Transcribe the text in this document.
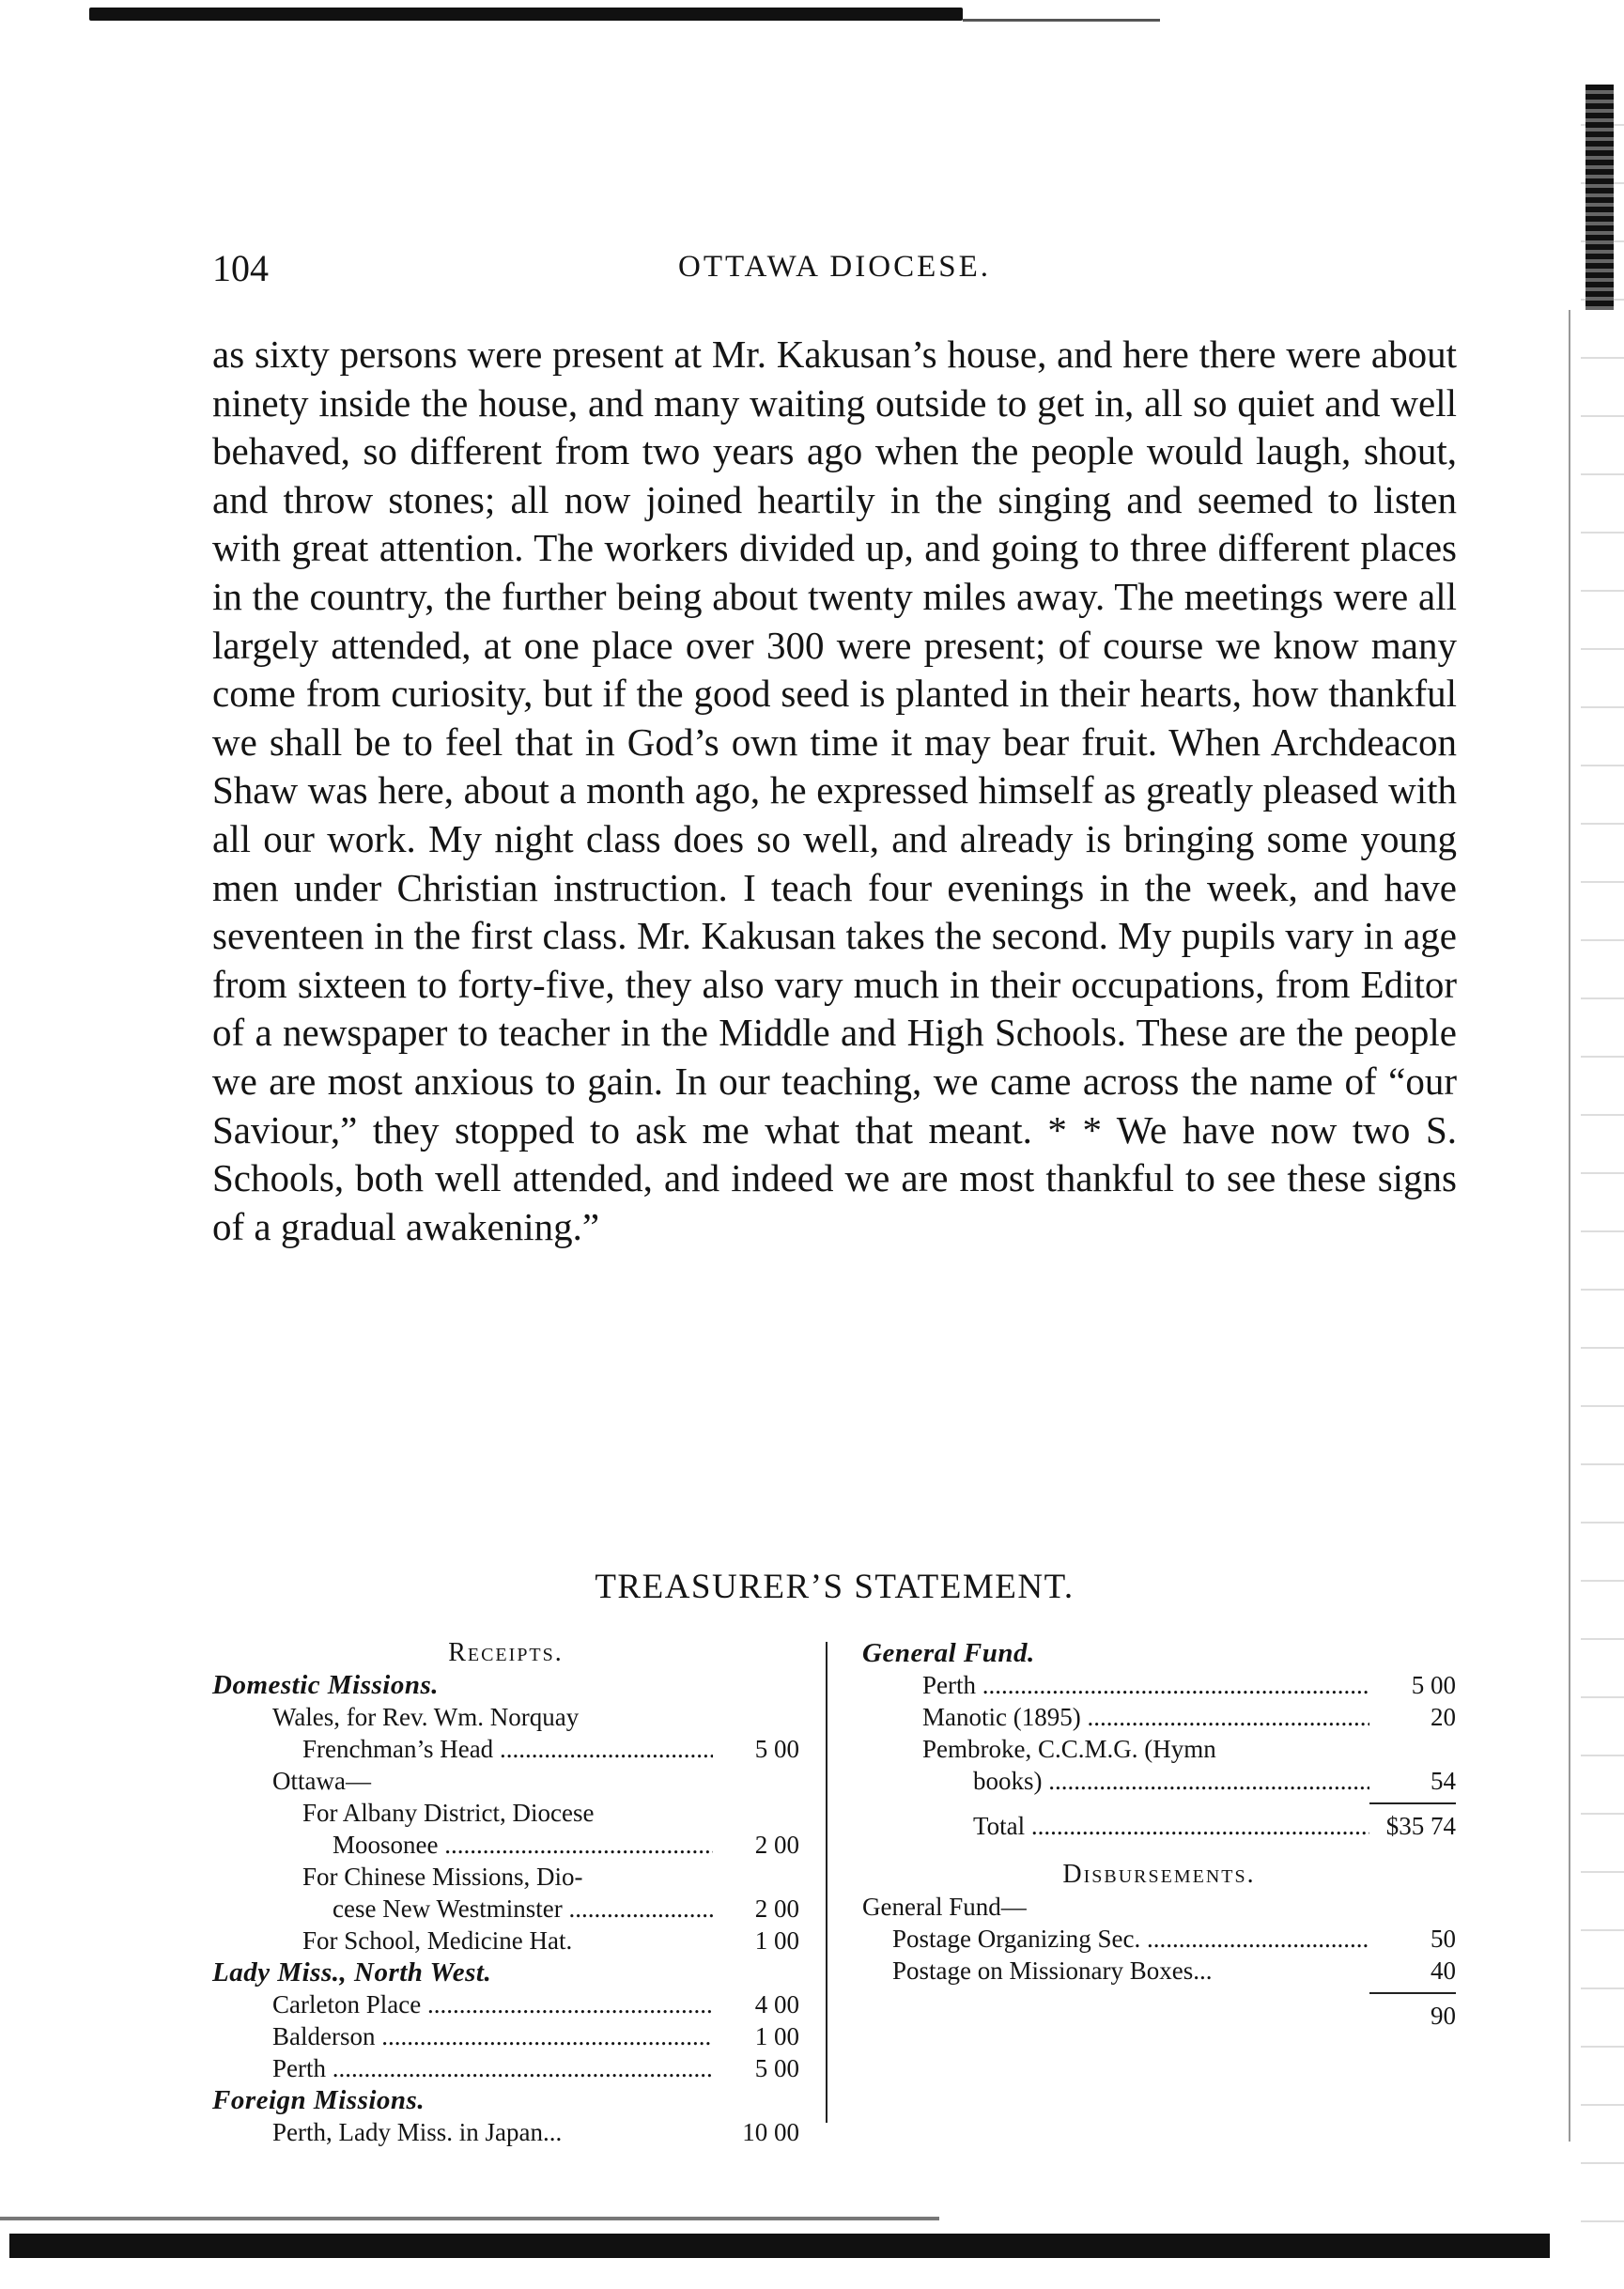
104	OTTAWA DIOCESE.

as sixty persons were present at Mr. Kakusan’s house, and here there were about ninety inside the house, and many waiting outside to get in, all so quiet and well behaved, so different from two years ago when the people would laugh, shout, and throw stones; all now joined heartily in the singing and seemed to listen with great attention. The workers divided up, and going to three different places in the country, the further being about twenty miles away. The meetings were all largely attended, at one place over 300 were present; of course we know many come from curiosity, but if the good seed is planted in their hearts, how thankful we shall be to feel that in God’s own time it may bear fruit. When Archdeacon Shaw was here, about a month ago, he expressed himself as greatly pleased with all our work. My night class does so well, and already is bringing some young men under Christian instruction. I teach four evenings in the week, and have seventeen in the first class. Mr. Kakusan takes the second. My pupils vary in age from sixteen to forty-five, they also vary much in their occupations, from Editor of a newspaper to teacher in the Middle and High Schools. These are the people we are most anxious to gain. In our teaching, we came across the name of “our Saviour,” they stopped to ask me what that meant. * * We have now two S. Schools, both well attended, and indeed we are most thankful to see these signs of a gradual awakening.”

TREASURER’S STATEMENT.
Receipts.
Domestic Missions.
Wales, for Rev. Wm. Norquay
Frenchman’s Head .....	5 00
Ottawa—
For Albany District, Diocese
Moosonee .....	2 00
For Chinese Missions, Dio-
cese New Westminster .....	2 00
For School, Medicine Hat.	1 00
Lady Miss., North West.
Carleton Place .....	4 00
Balderson .....	1 00
Perth .....	5 00
Foreign Missions.
Perth, Lady Miss. in Japan...	10 00
General Fund.
Perth .....	5 00
Manotic (1895) .....	20
Pembroke, C.C.M.G. (Hymn
books) .....	54
Total .....	$35 74
Disbursements.
General Fund—
Postage Organizing Sec. .....	50
Postage on Missionary Boxes...	40
90
